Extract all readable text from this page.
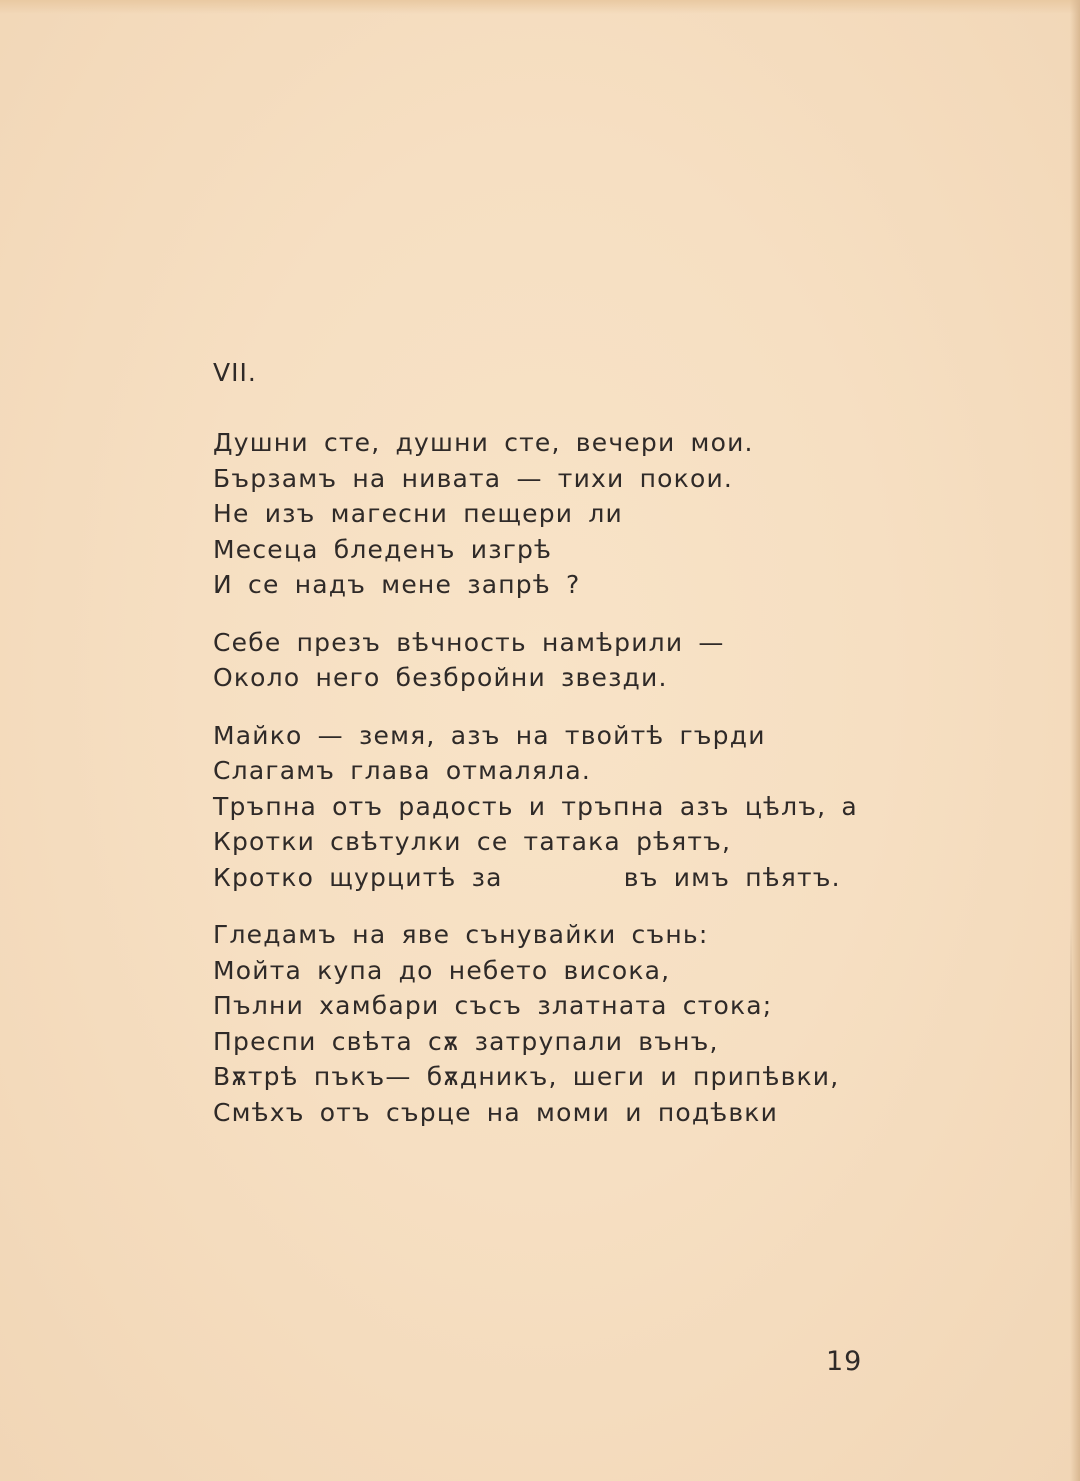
VII.
Душни сте, душни сте, вечери мои.
Бързамъ на нивата — тихи покои.
Не изъ магесни пещери ли
Месеца бледенъ изгрѣ
И се надъ мене запрѣ ?
Себе презъ вѣчность намѣрили —
Около него безбройни звезди.
Майко — земя, азъ на твойтѣ гърди
Слагамъ глава отмаляла.
Тръпна отъ радость и тръпна азъ цѣлъ, а
Кротки свѣтулки се татака рѣятъ,
Кротко щурцитѣ за        въ имъ пѣятъ.
Гледамъ на яве сънувайки сънь:
Мойта купа до небето висока,
Пълни хамбари съсъ златната стока;
Преспи свѣта сѫ затрупали вънъ,
Вѫтрѣ пъкъ— бѫдникъ, шеги и припѣвки,
Смѣхъ отъ сърце на моми и подѣвки
19
